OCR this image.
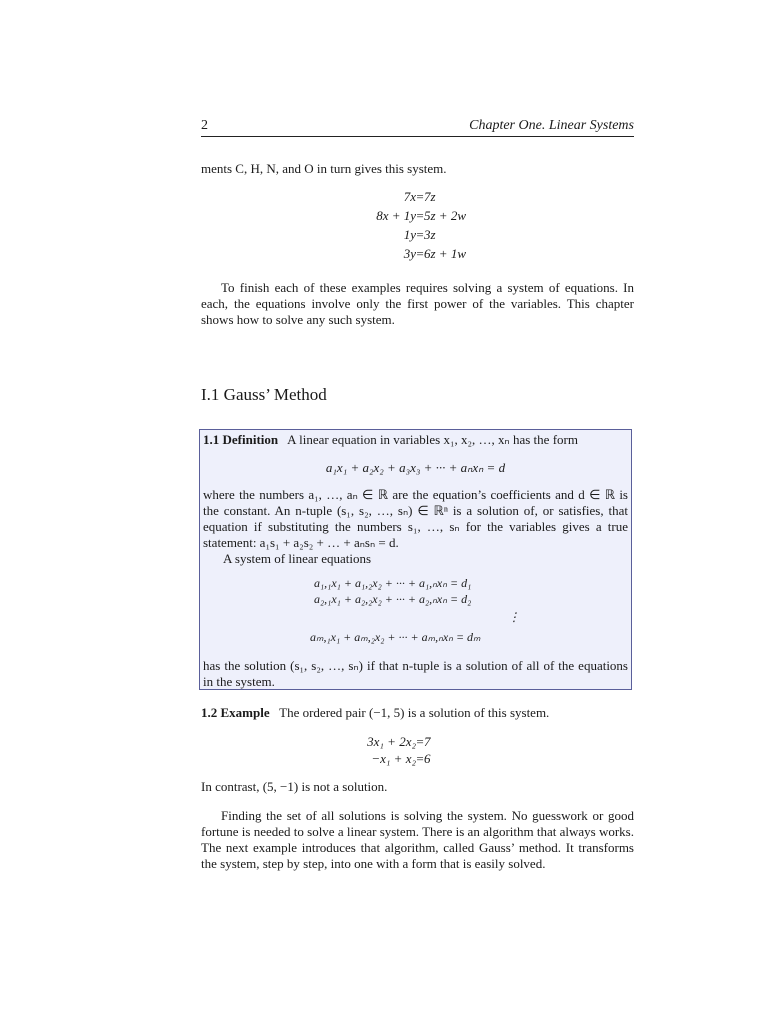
2	Chapter One. Linear Systems

ments C, H, N, and O in turn gives this system.

7x = 7z
8x + 1y = 5z + 2w
1y = 3z
3y = 6z + 1w

To finish each of these examples requires solving a system of equations. In each, the equations involve only the first power of the variables. This chapter shows how to solve any such system.

I.1 Gauss’ Method

1.1 Definition A linear equation in variables x₁, x₂, …, xₙ has the form

a₁x₁ + a₂x₂ + a₃x₃ + ··· + aₙxₙ = d

where the numbers a₁, …, aₙ ∈ ℝ are the equation’s coefficients and d ∈ ℝ is the constant. An n-tuple (s₁, s₂, …, sₙ) ∈ ℝⁿ is a solution of, or satisfies, that equation if substituting the numbers s₁, …, sₙ for the variables gives a true statement: a₁s₁ + a₂s₂ + … + aₙsₙ = d.

A system of linear equations

a₁,₁x₁ + a₁,₂x₂ + ··· + a₁,ₙxₙ = d₁
a₂,₁x₁ + a₂,₂x₂ + ··· + a₂,ₙxₙ = d₂
⋮
aₘ,₁x₁ + aₘ,₂x₂ + ··· + aₘ,ₙxₙ = dₘ

has the solution (s₁, s₂, …, sₙ) if that n-tuple is a solution of all of the equations in the system.

1.2 Example The ordered pair (−1, 5) is a solution of this system.

3x₁ + 2x₂ = 7
−x₁ + x₂ = 6

In contrast, (5, −1) is not a solution.

Finding the set of all solutions is solving the system. No guesswork or good fortune is needed to solve a linear system. There is an algorithm that always works. The next example introduces that algorithm, called Gauss’ method. It transforms the system, step by step, into one with a form that is easily solved.
